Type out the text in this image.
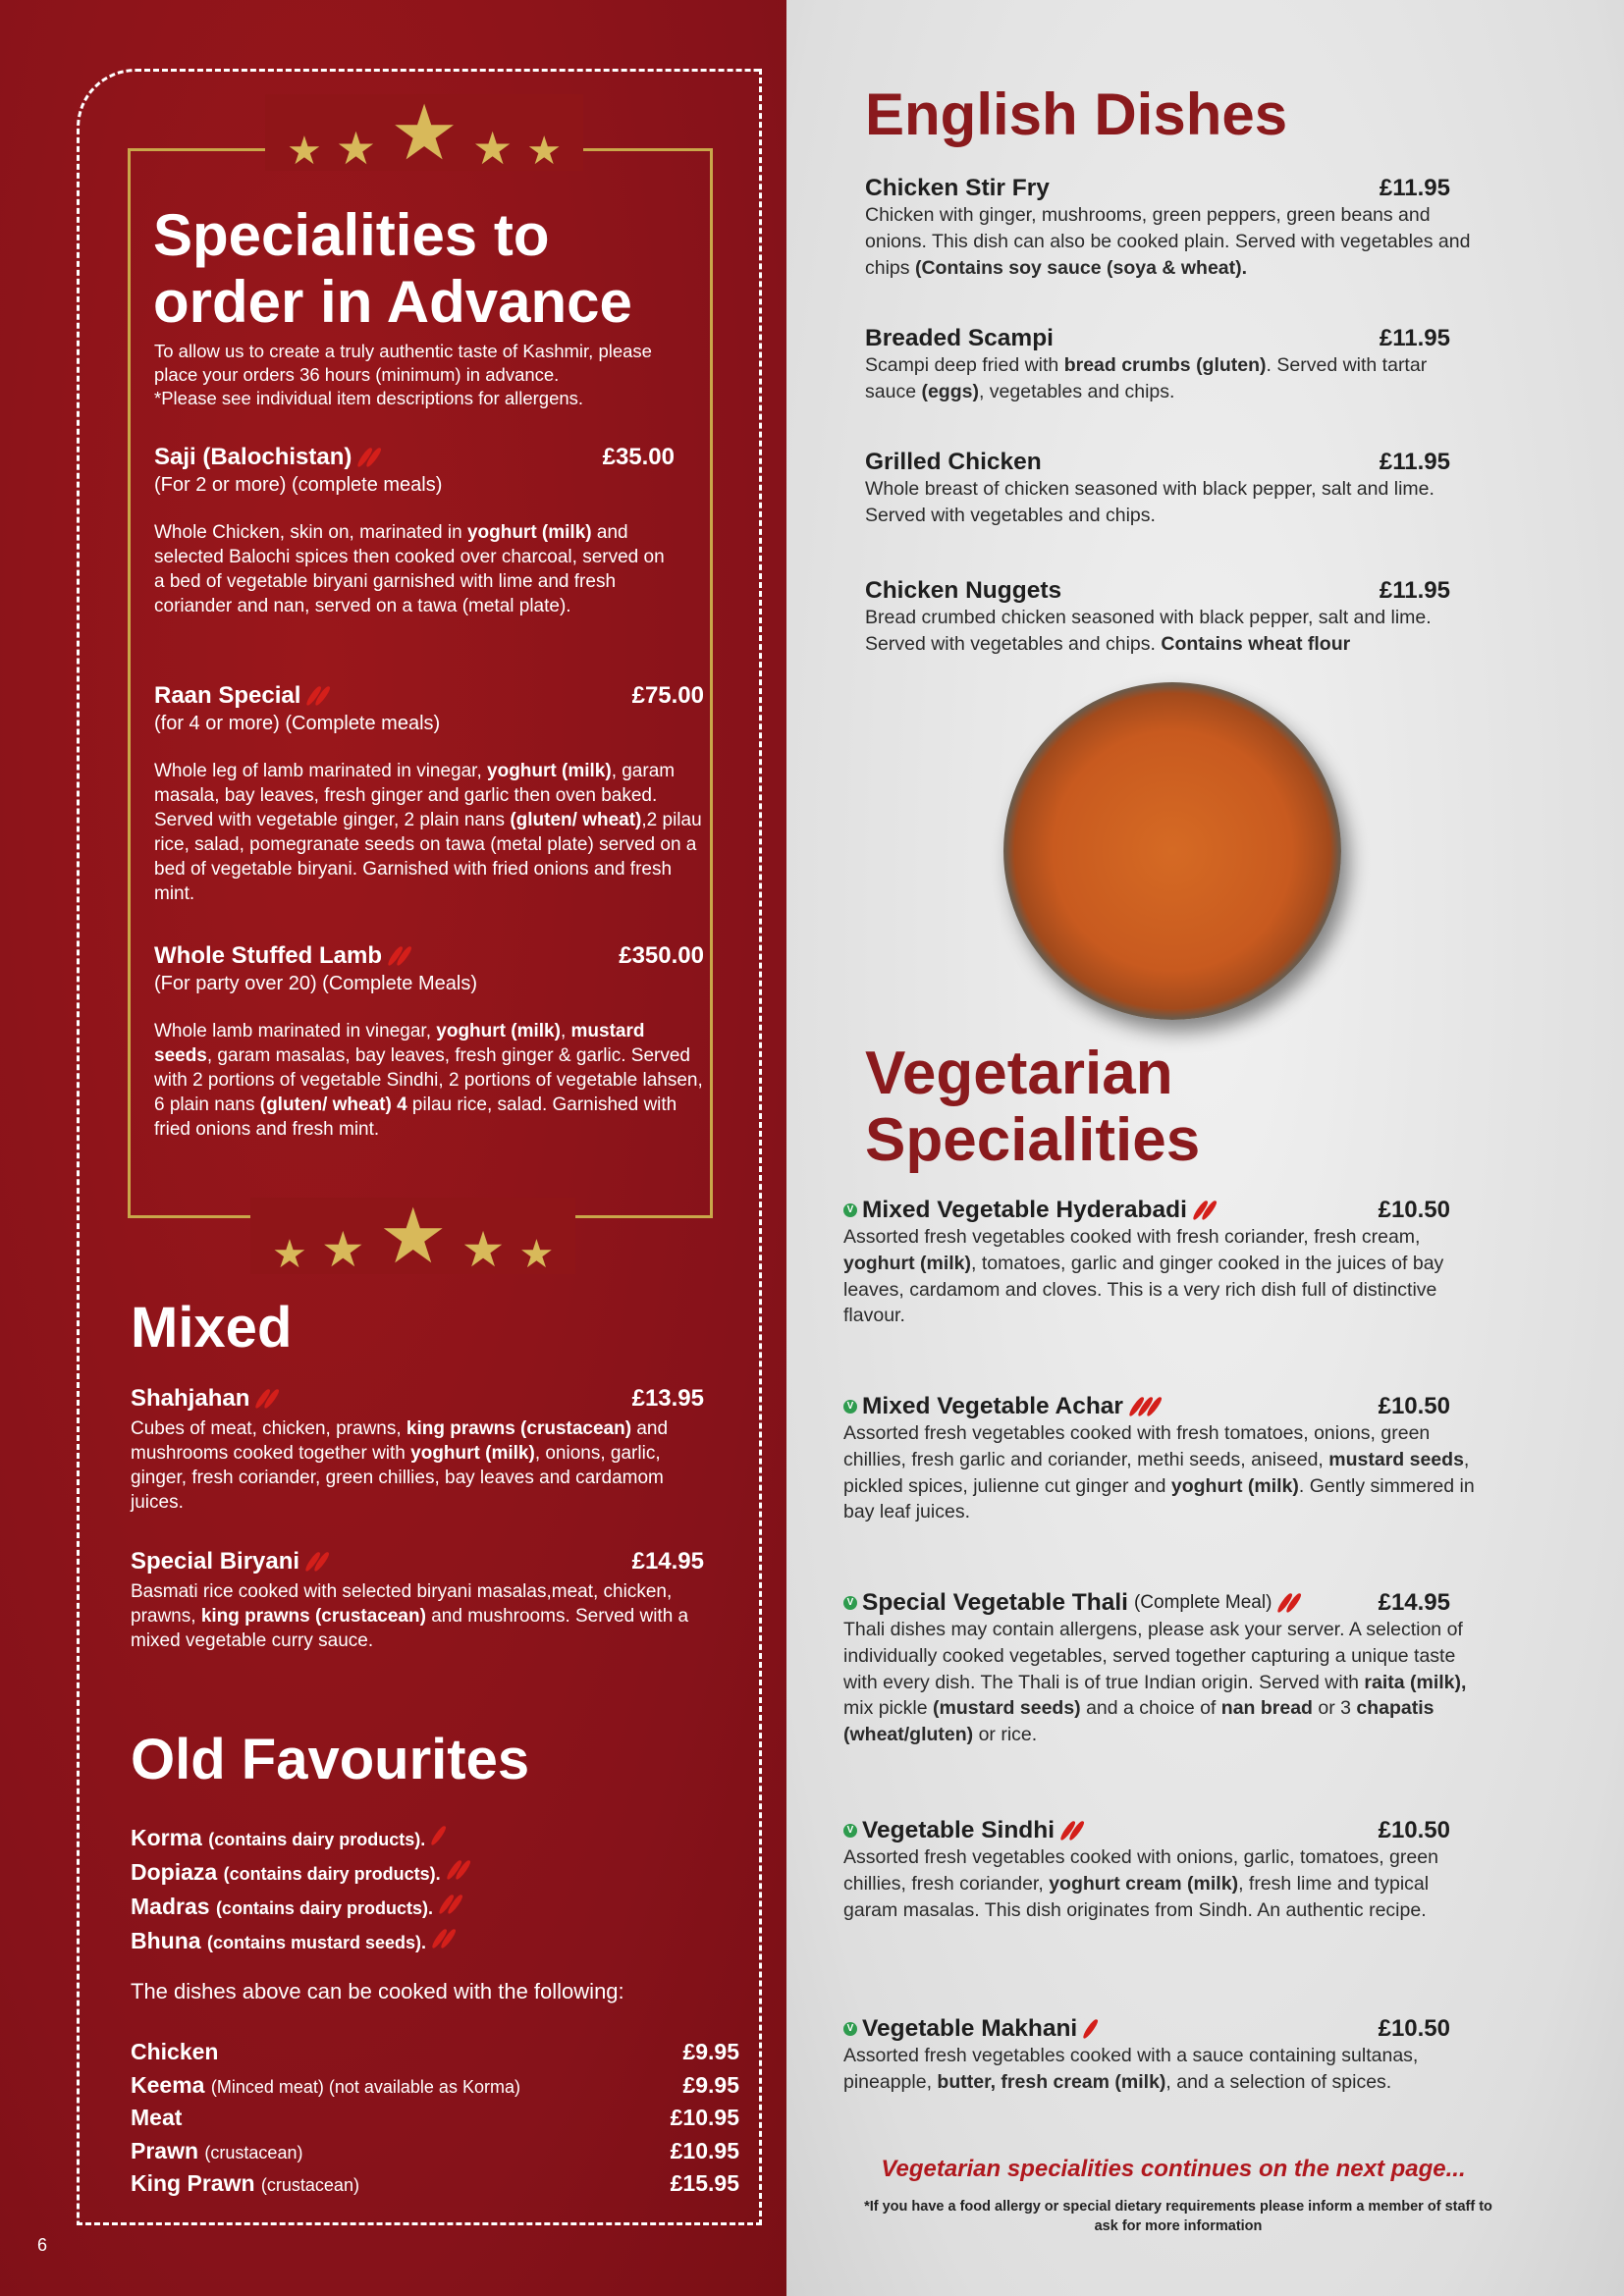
★ ★ ★ ★ ★
★ ★ ★ ★ ★
Specialities to
order in Advance
To allow us to create a truly authentic taste of Kashmir, please
place your orders 36 hours (minimum) in advance.
*Please see individual item descriptions for allergens.
Saji (Balochistan)	£35.00
(For 2 or more) (complete meals)
Whole Chicken, skin on, marinated in yoghurt (milk) and selected Balochi spices then cooked over charcoal, served on a bed of vegetable biryani garnished with lime and fresh coriander and nan, served on a tawa (metal plate).
Raan Special	£75.00
(for 4 or more) (Complete meals)
Whole leg of lamb marinated in vinegar, yoghurt (milk), garam masala, bay leaves, fresh ginger and garlic then oven baked. Served with vegetable ginger, 2 plain nans (gluten/ wheat),2 pilau rice, salad, pomegranate seeds on tawa (metal plate) served on a bed of vegetable biryani. Garnished with fried onions and fresh mint.
Whole Stuffed Lamb	£350.00
(For party over 20) (Complete Meals)
Whole lamb marinated in vinegar, yoghurt (milk), mustard seeds, garam masalas, bay leaves, fresh ginger & garlic. Served with 2 portions of vegetable Sindhi, 2 portions of vegetable lahsen, 6 plain nans (gluten/ wheat) 4 pilau rice, salad. Garnished with fried onions and fresh mint.
Mixed
Shahjahan	£13.95
Cubes of meat, chicken, prawns, king prawns (crustacean) and mushrooms cooked together with yoghurt (milk), onions, garlic, ginger, fresh coriander, green chillies, bay leaves and cardamom juices.
Special Biryani	£14.95
Basmati rice cooked with selected biryani masalas,meat, chicken, prawns, king prawns (crustacean) and mushrooms. Served with a mixed vegetable curry sauce.
Old Favourites
Korma (contains dairy products).
Dopiaza (contains dairy products).
Madras (contains dairy products).
Bhuna (contains mustard seeds).
The dishes above can be cooked with the following:
Chicken	£9.95
Keema (Minced meat) (not available as Korma)	£9.95
Meat	£10.95
Prawn (crustacean)	£10.95
King Prawn (crustacean)	£15.95
6
English Dishes
Chicken Stir Fry	£11.95
Chicken with ginger, mushrooms, green peppers, green beans and onions. This dish can also be cooked plain. Served with vegetables and chips (Contains soy sauce (soya & wheat).
Breaded Scampi	£11.95
Scampi deep fried with bread crumbs (gluten). Served with tartar sauce (eggs), vegetables and chips.
Grilled Chicken	£11.95
Whole breast of chicken seasoned with black pepper, salt and lime. Served with vegetables and chips.
Chicken Nuggets	£11.95
Bread crumbed chicken seasoned with black pepper, salt and lime. Served with vegetables and chips. Contains wheat flour
Vegetarian
Specialities
V Mixed Vegetable Hyderabadi	£10.50
Assorted fresh vegetables cooked with fresh coriander, fresh cream, yoghurt (milk), tomatoes, garlic and ginger cooked in the juices of bay leaves, cardamom and cloves. This is a very rich dish full of distinctive flavour.
V Mixed Vegetable Achar	£10.50
Assorted fresh vegetables cooked with fresh tomatoes, onions, green chillies, fresh garlic and coriander, methi seeds, aniseed, mustard seeds, pickled spices, julienne cut ginger and yoghurt (milk). Gently simmered in bay leaf juices.
V Special Vegetable Thali (Complete Meal)	£14.95
Thali dishes may contain allergens, please ask your server. A selection of individually cooked vegetables, served together capturing a unique taste with every dish. The Thali is of true Indian origin. Served with raita (milk), mix pickle (mustard seeds) and a choice of nan bread or 3 chapatis (wheat/gluten) or rice.
V Vegetable Sindhi	£10.50
Assorted fresh vegetables cooked with onions, garlic, tomatoes, green chillies, fresh coriander, yoghurt cream (milk), fresh lime and typical garam masalas. This dish originates from Sindh. An authentic recipe.
V Vegetable Makhani	£10.50
Assorted fresh vegetables cooked with a sauce containing sultanas, pineapple, butter, fresh cream (milk), and a selection of spices.
Vegetarian specialities continues on the next page...
*If you have a food allergy or special dietary requirements please inform a member of staff to ask for more information
